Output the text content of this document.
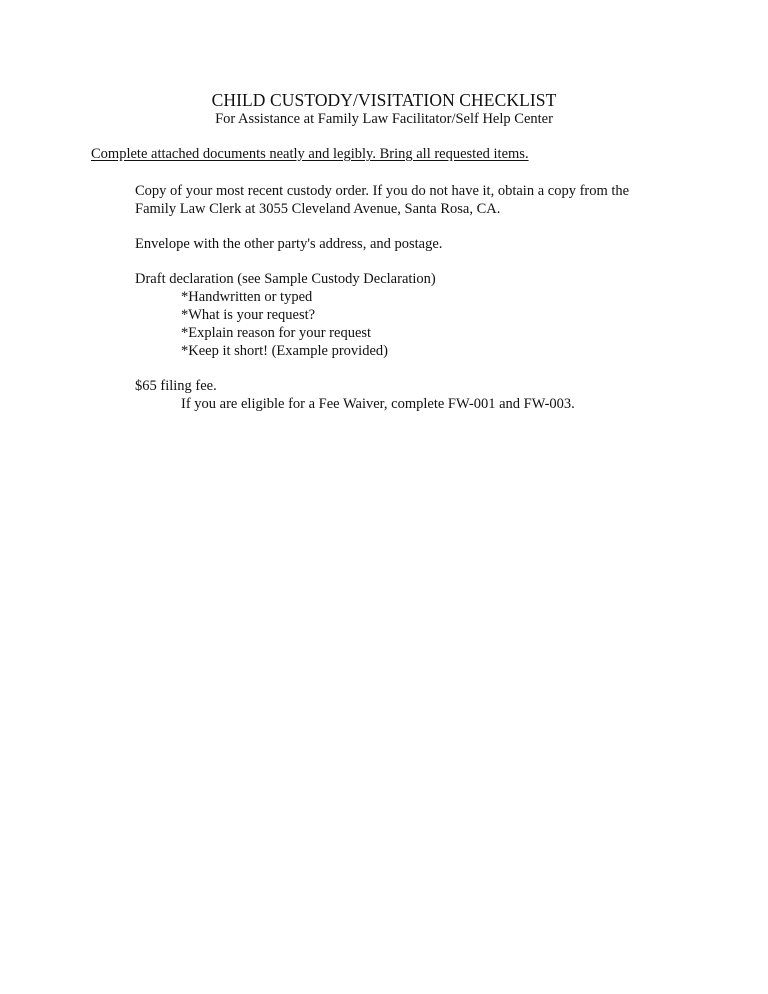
CHILD CUSTODY/VISITATION CHECKLIST
For Assistance at Family Law Facilitator/Self Help Center
Complete attached documents neatly and legibly. Bring all requested items.
Copy of your most recent custody order. If you do not have it, obtain a copy from the
Family Law Clerk at 3055 Cleveland Avenue, Santa Rosa, CA.
Envelope with the other party's address, and postage.
Draft declaration (see Sample Custody Declaration)
*Handwritten or typed
*What is your request?
*Explain reason for your request
*Keep it short! (Example provided)
$65 filing fee.
If you are eligible for a Fee Waiver, complete FW-001 and FW-003.
